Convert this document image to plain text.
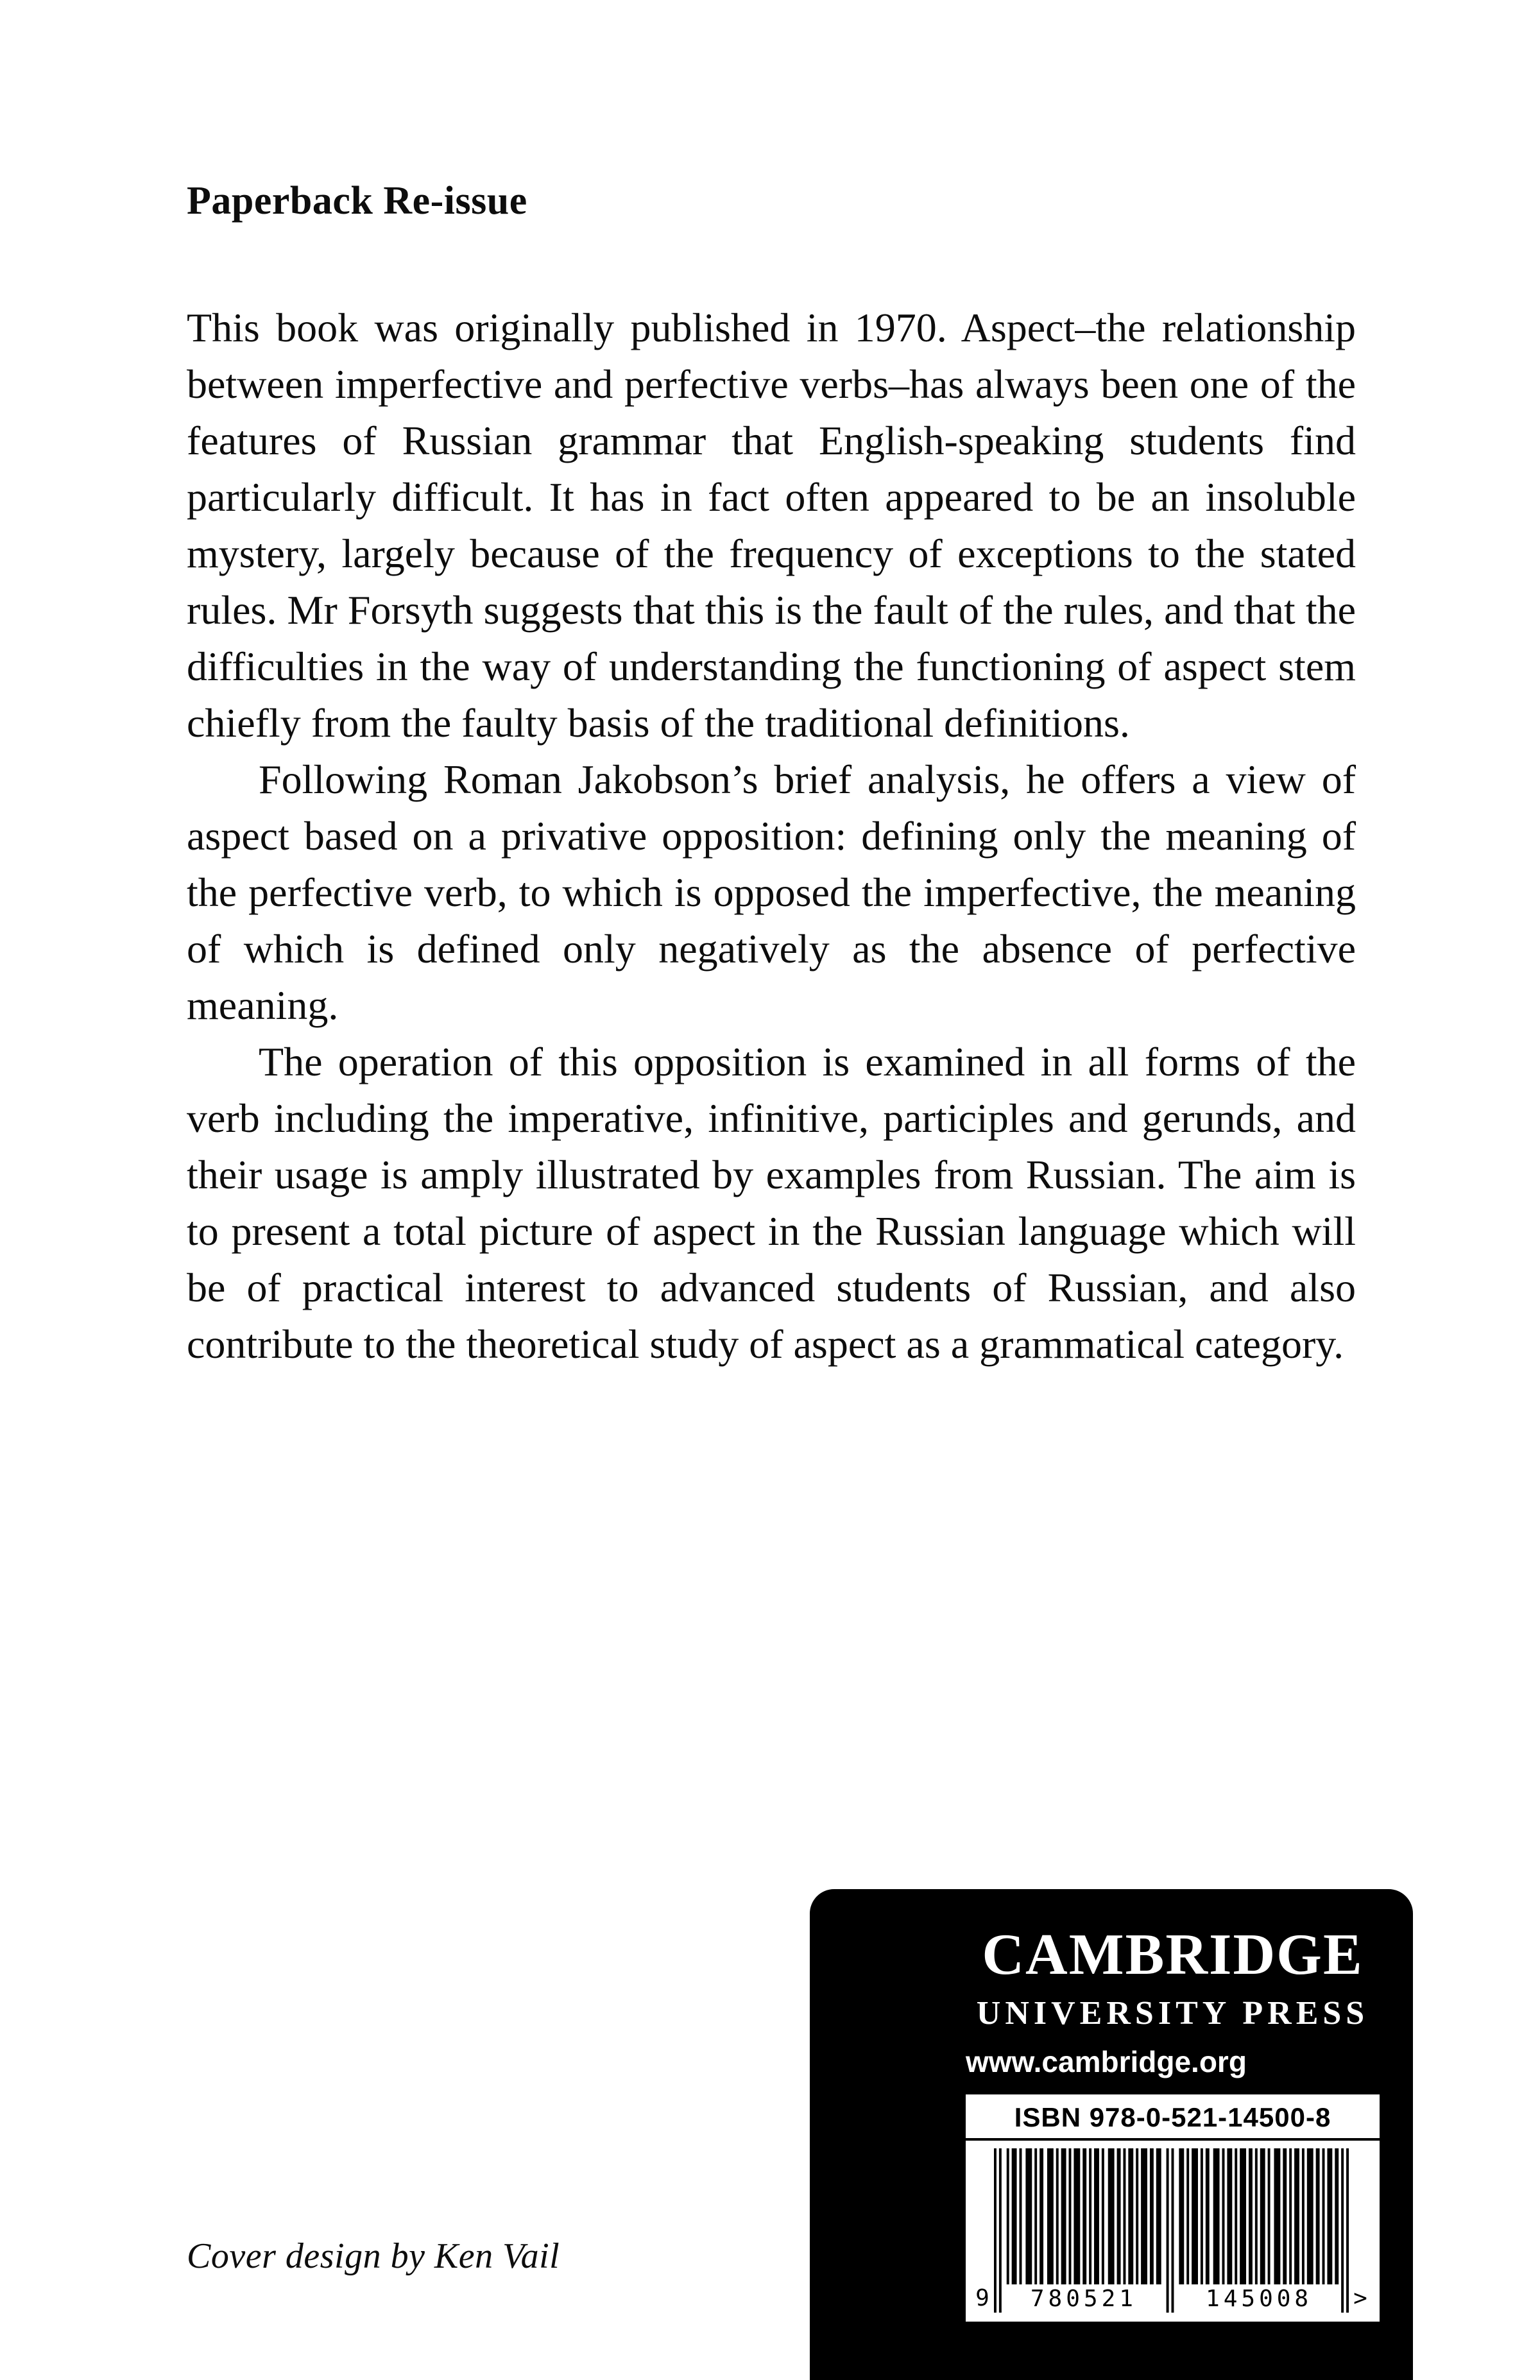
Paperback Re-issue

This book was originally published in 1970. Aspect–the relationship between imperfective and perfective verbs–has always been one of the features of Russian grammar that English-speaking students find particularly difficult. It has in fact often appeared to be an insoluble mystery, largely because of the frequency of exceptions to the stated rules. Mr Forsyth suggests that this is the fault of the rules, and that the difficulties in the way of understanding the functioning of aspect stem chiefly from the faulty basis of the traditional definitions.

Following Roman Jakobson’s brief analysis, he offers a view of aspect based on a privative opposition: defining only the meaning of the perfective verb, to which is opposed the imperfective, the meaning of which is defined only negatively as the absence of perfective meaning.

The operation of this opposition is examined in all forms of the verb including the imperative, infinitive, participles and gerunds, and their usage is amply illustrated by examples from Russian. The aim is to present a total picture of aspect in the Russian language which will be of practical interest to advanced students of Russian, and also contribute to the theoretical study of aspect as a grammatical category.

Cover design by Ken Vail
CAMBRIDGE
UNIVERSITY PRESS
www.cambridge.org
ISBN 978-0-521-14500-8
9	780521	145008	>
